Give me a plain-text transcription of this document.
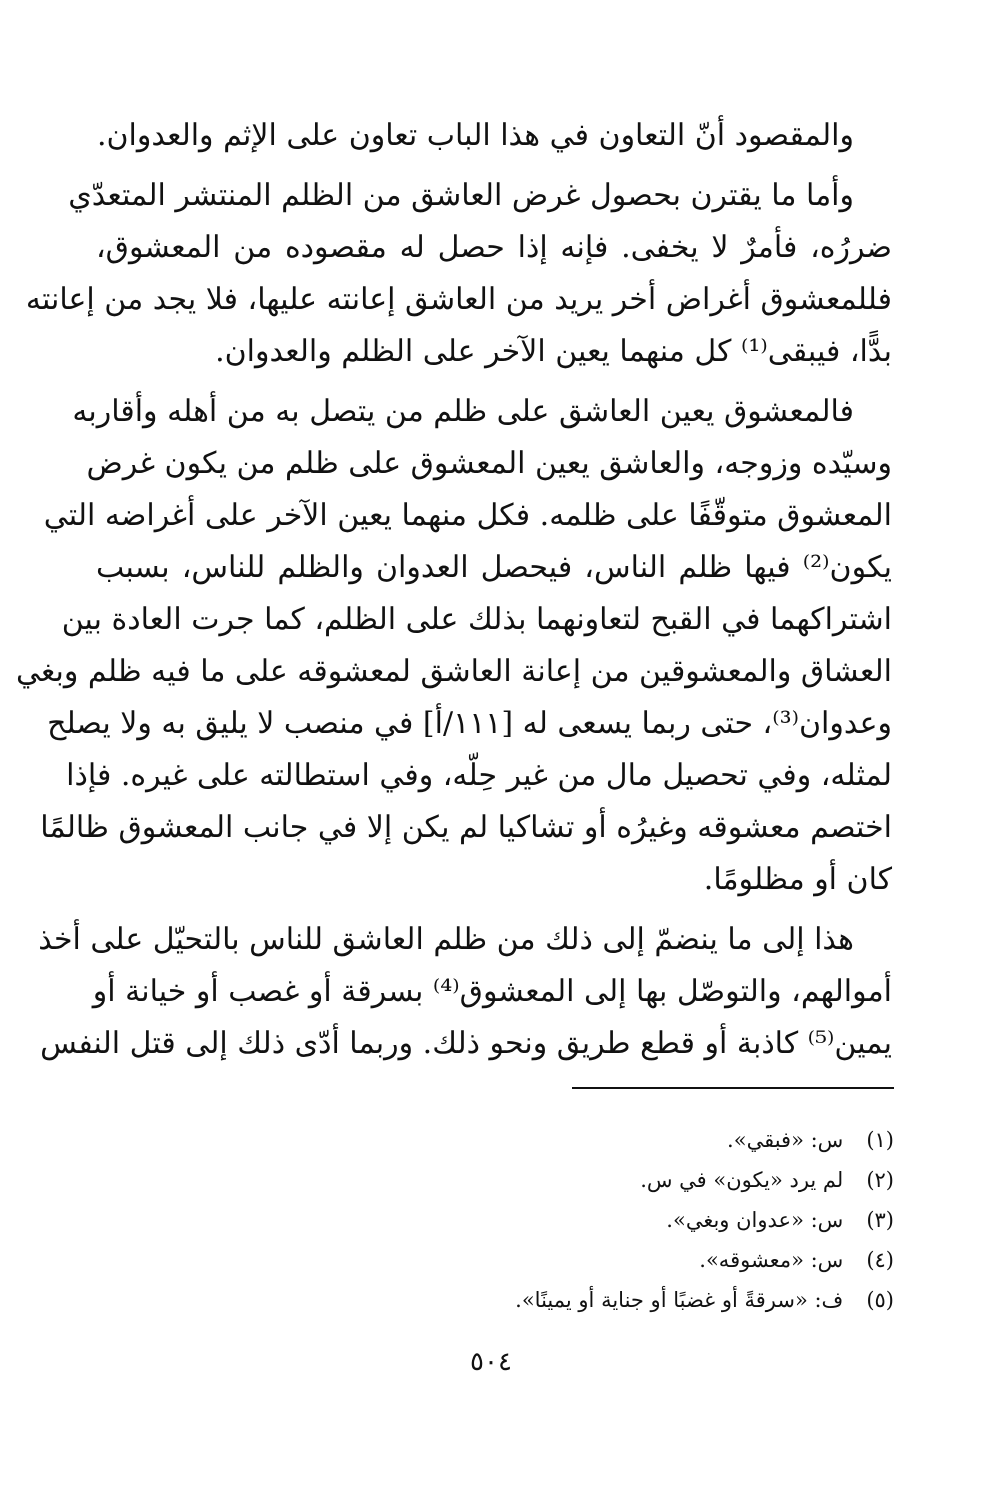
والمقصود أنّ التعاون في هذا الباب تعاون على الإثم والعدوان.
وأما ما يقترن بحصول غرض العاشق من الظلم المنتشر المتعدّي
ضررُه، فأمرٌ لا يخفى. فإنه إذا حصل له مقصوده من المعشوق،
فللمعشوق أغراض أخر يريد من العاشق إعانته عليها، فلا يجد من إعانته
بدًّا، فيبقى⁽¹⁾ كل منهما يعين الآخر على الظلم والعدوان.
فالمعشوق يعين العاشق على ظلم من يتصل به من أهله وأقاربه
وسيّده وزوجه، والعاشق يعين المعشوق على ظلم من يكون غرض
المعشوق متوقّفًا على ظلمه. فكل منهما يعين الآخر على أغراضه التي
يكون⁽²⁾ فيها ظلم الناس، فيحصل العدوان والظلم للناس، بسبب
اشتراكهما في القبح لتعاونهما بذلك على الظلم، كما جرت العادة بين
العشاق والمعشوقين من إعانة العاشق لمعشوقه على ما فيه ظلم وبغي
وعدوان⁽³⁾، حتى ربما يسعى له [١١١/أ] في منصب لا يليق به ولا يصلح
لمثله، وفي تحصيل مال من غير حِلّه، وفي استطالته على غيره. فإذا
اختصم معشوقه وغيرُه أو تشاكيا لم يكن إلا في جانب المعشوق ظالمًا
كان أو مظلومًا.
هذا إلى ما ينضمّ إلى ذلك من ظلم العاشق للناس بالتحيّل على أخذ
أموالهم، والتوصّل بها إلى المعشوق⁽⁴⁾ بسرقة أو غصب أو خيانة أو
يمين⁽⁵⁾ كاذبة أو قطع طريق ونحو ذلك. وربما أدّى ذلك إلى قتل النفس
(١) س: «فبقي».
(٢) لم يرد «يكون» في س.
(٣) س: «عدوان وبغي».
(٤) س: «معشوقه».
(٥) ف: «سرقةً أو غضبًا أو جناية أو يمينًا».
٥٠٤
